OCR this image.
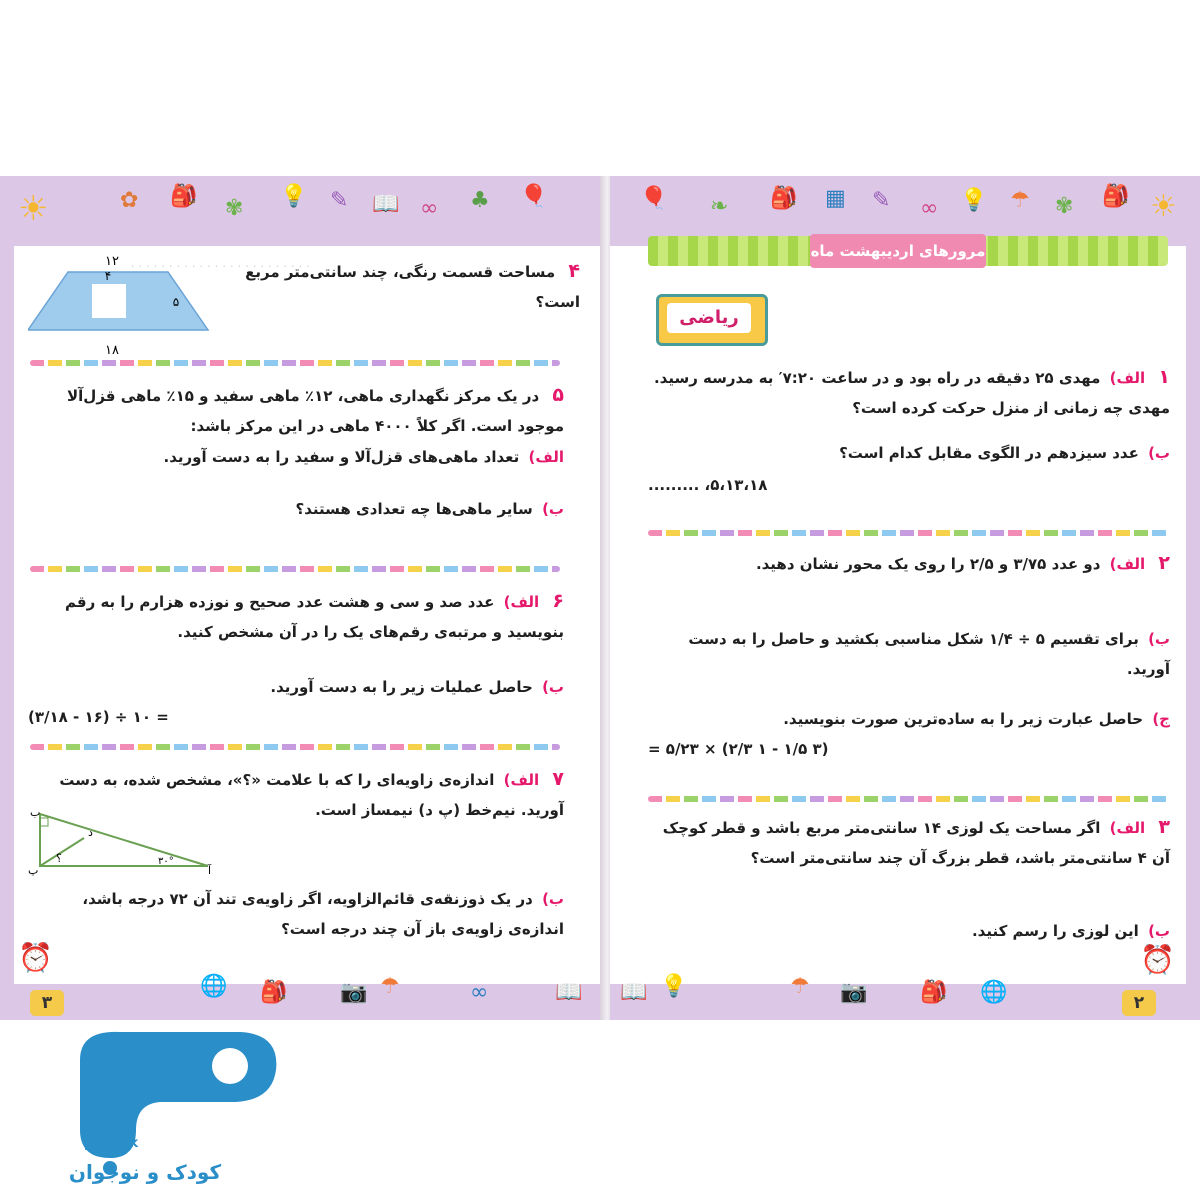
☀	✿ 🎒 ✾ 💡 ✎ 📖 ∞ ♣ 🎈
⏰
🌐 🎒 📷 ☂	∞	📖
۳
. . . . . . . . . . . . . . . . . . . . . . . .	۴ مساحت قسمت رنگی، چند سانتی‌متر مربع است؟
۱۲
۴
۵
۱۸
۵ در یک مرکز نگهداری ماهی، ۱۲٪ ماهی سفید و ۱۵٪ ماهی قزل‌آلا موجود است. اگر کلاً ۴۰۰۰ ماهی در این مرکز باشد:
الف) تعداد ماهی‌های قزل‌آلا و سفید را به دست آورید.
ب) سایر ماهی‌ها چه تعدادی هستند؟
۶ الف) عدد صد و سی و هشت عدد صحیح و نوزده هزارم را به رقم بنویسید و مرتبه‌ی رقم‌های یک را در آن مشخص کنید.
ب) حاصل عملیات زیر را به دست آورید.
= ۱۰ ÷ (۱۶ - ۳/۱۸)
۷ الف) اندازه‌ی زاویه‌ای را که با علامت «؟»، مشخص شده، به دست آورید. نیم‌خط (پ د) نیمساز است.
ب
پ	آ
د
۳۰°
؟
ب) در یک ذوزنقه‌ی قائم‌الزاویه، اگر زاویه‌ی تند آن ۷۲ درجه باشد، اندازه‌ی زاویه‌ی باز آن چند درجه است؟
🎈 ❧ 🎒 ▦ ✎ ∞ 💡 ☂ ✾ 🎒 ☀
📖 💡	☂ 📷 🎒 🌐
⏰
۲
مرورهای اردیبهشت ماه
ریاضی
۱ الف) مهدی ۲۵ دقیقه در راه بود و در ساعت ۷:۲۰′ به مدرسه رسید. مهدی چه زمانی از منزل حرکت کرده است؟
ب) عدد سیزدهم در الگوی مقابل کدام است؟
۵،۱۳،۱۸، .........
۲ الف) دو عدد ۳/۷۵ و ۲/۵ را روی یک محور نشان دهید.
ب) برای تقسیم ۵ ÷ ۱/۴ شکل مناسبی بکشید و حاصل را به دست آورید.
ج) حاصل عبارت زیر را به ساده‌ترین صورت بنویسید.
(۳ ۱/۵ - ۱ ۲/۳) × ۵/۲۳ =
۳ الف) اگر مساحت یک لوزی ۱۴ سانتی‌متر مربع باشد و قطر کوچک آن ۴ سانتی‌متر باشد، قطر بزرگ آن چند سانتی‌متر است؟
ب) این لوزی را رسم کنید.
puonak
کودک و نوجوان
